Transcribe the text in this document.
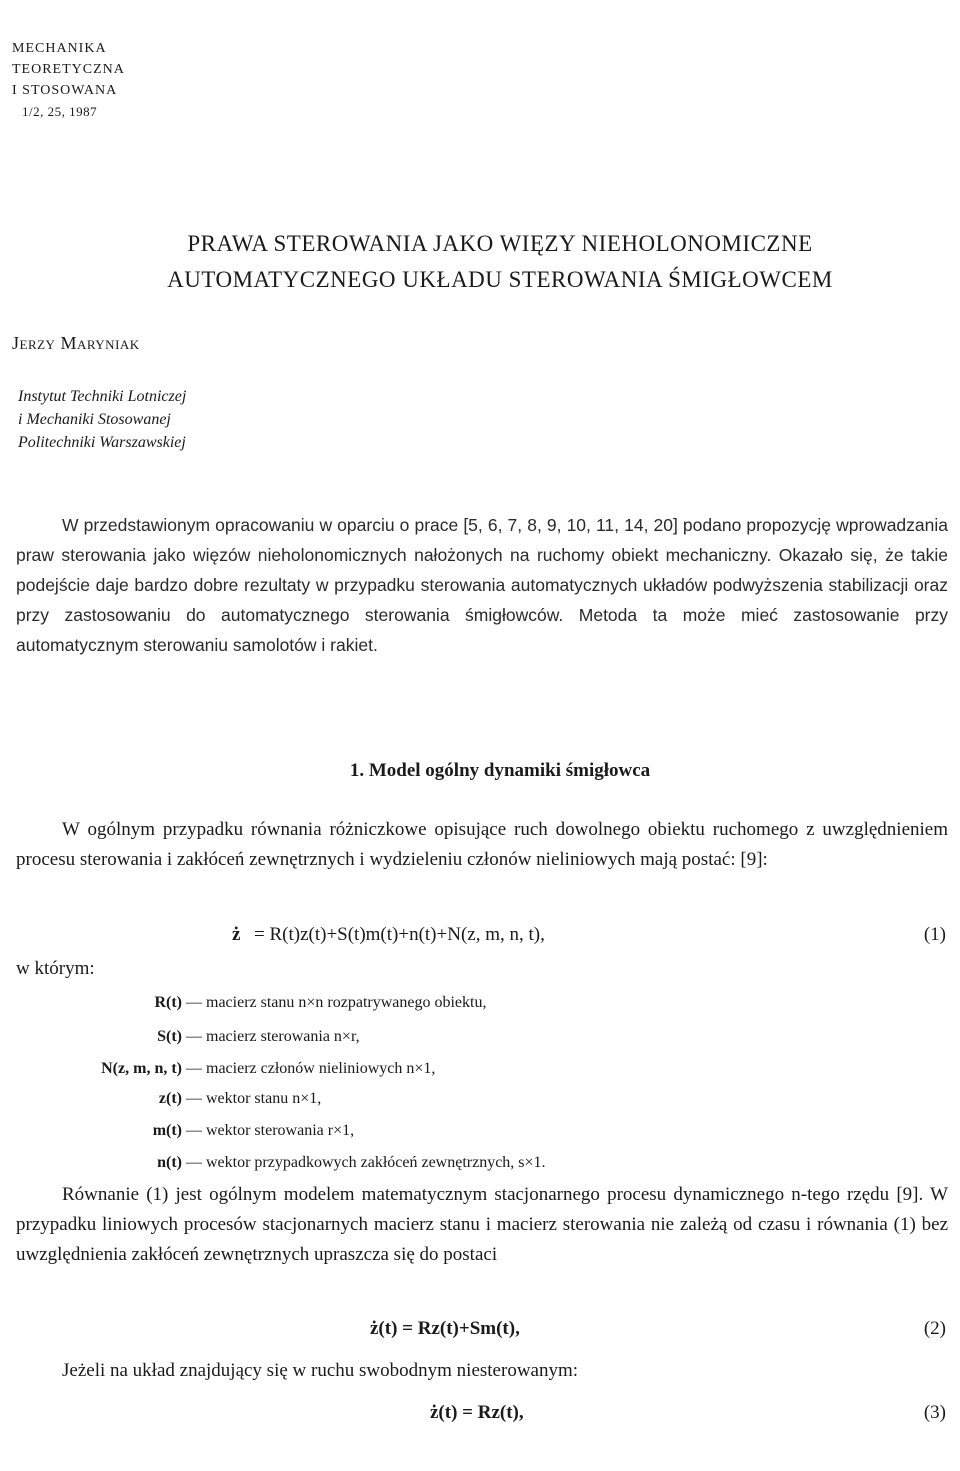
MECHANIKA
TEORETYCZNA
I STOSOWANA
1/2, 25, 1987
PRAWA STEROWANIA JAKO WIĘZY NIEHOLONOMICZNE
AUTOMATYCZNEGO UKŁADU STEROWANIA ŚMIGŁOWCEM
Jerzy Maryniak
Instytut Techniki Lotniczej
i Mechaniki Stosowanej
Politechniki Warszawskiej

W przedstawionym opracowaniu w oparciu o prace [5, 6, 7, 8, 9, 10, 11, 14, 20] podano propozycję wprowadzania praw sterowania jako więzów nieholonomicznych nałożonych na ruchomy obiekt mechaniczny. Okazało się, że takie podejście daje bardzo dobre rezultaty w przypadku sterowania automatycznych układów podwyższenia stabilizacji oraz przy zastosowaniu do automatycznego sterowania śmigłowców. Metoda ta może mieć zastosowanie przy automatycznym sterowaniu samolotów i rakiet.

1. Model ogólny dynamiki śmigłowca

W ogólnym przypadku równania różniczkowe opisujące ruch dowolnego obiektu ruchomego z uwzględnieniem procesu sterowania i zakłóceń zewnętrznych i wydzieleniu członów nieliniowych mają postać: [9]:

ż = R(t)z(t)+S(t)m(t)+n(t)+N(z, m, n, t),	(1)
w którym:
R(t) — macierz stanu n×n rozpatrywanego obiektu,
S(t) — macierz sterowania n×r,
N(z, m, n, t) — macierz członów nieliniowych n×1,
z(t) — wektor stanu n×1,
m(t) — wektor sterowania r×1,
n(t) — wektor przypadkowych zakłóceń zewnętrznych, s×1.

Równanie (1) jest ogólnym modelem matematycznym stacjonarnego procesu dynamicznego n-tego rzędu [9]. W przypadku liniowych procesów stacjonarnych macierz stanu i macierz sterowania nie zależą od czasu i równania (1) bez uwzględnienia zakłóceń zewnętrznych upraszcza się do postaci

ż(t) = Rz(t)+Sm(t),	(2)

Jeżeli na układ znajdujący się w ruchu swobodnym niesterowanym:

ż(t) = Rz(t),	(3)
